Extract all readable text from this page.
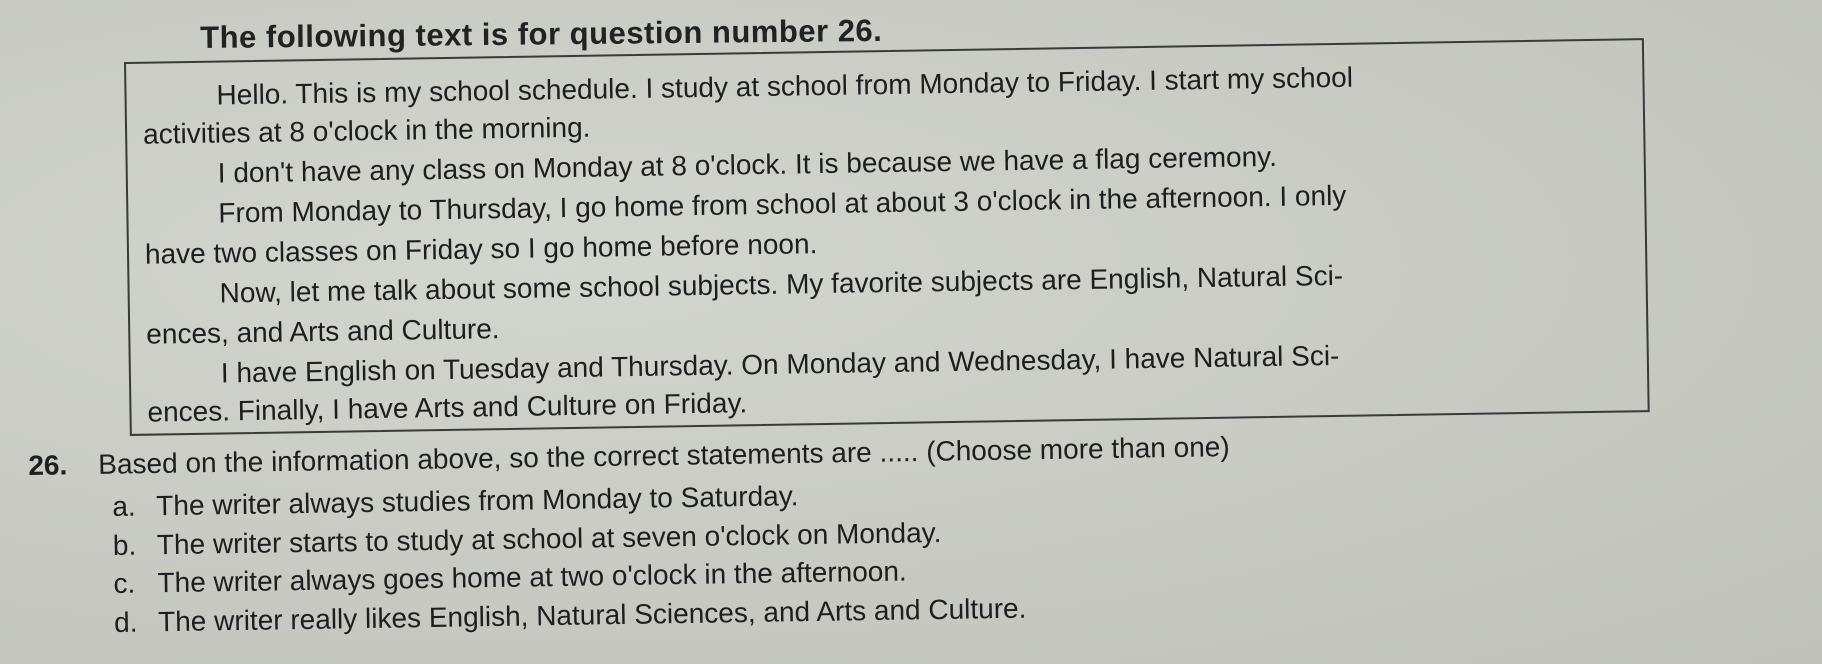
The following text is for question number 26.
Hello. This is my school schedule. I study at school from Monday to Friday. I start my school
activities at 8 o'clock in the morning.
I don't have any class on Monday at 8 o'clock. It is because we have a flag ceremony.
From Monday to Thursday, I go home from school at about 3 o'clock in the afternoon. I only
have two classes on Friday so I go home before noon.
Now, let me talk about some school subjects. My favorite subjects are English, Natural Sci-
ences, and Arts and Culture.
I have English on Tuesday and Thursday. On Monday and Wednesday, I have Natural Sci-
ences. Finally, I have Arts and Culture on Friday.
26. Based on the information above, so the correct statements are ..... (Choose more than one)
a. The writer always studies from Monday to Saturday.
b. The writer starts to study at school at seven o'clock on Monday.
c. The writer always goes home at two o'clock in the afternoon.
d. The writer really likes English, Natural Sciences, and Arts and Culture.
